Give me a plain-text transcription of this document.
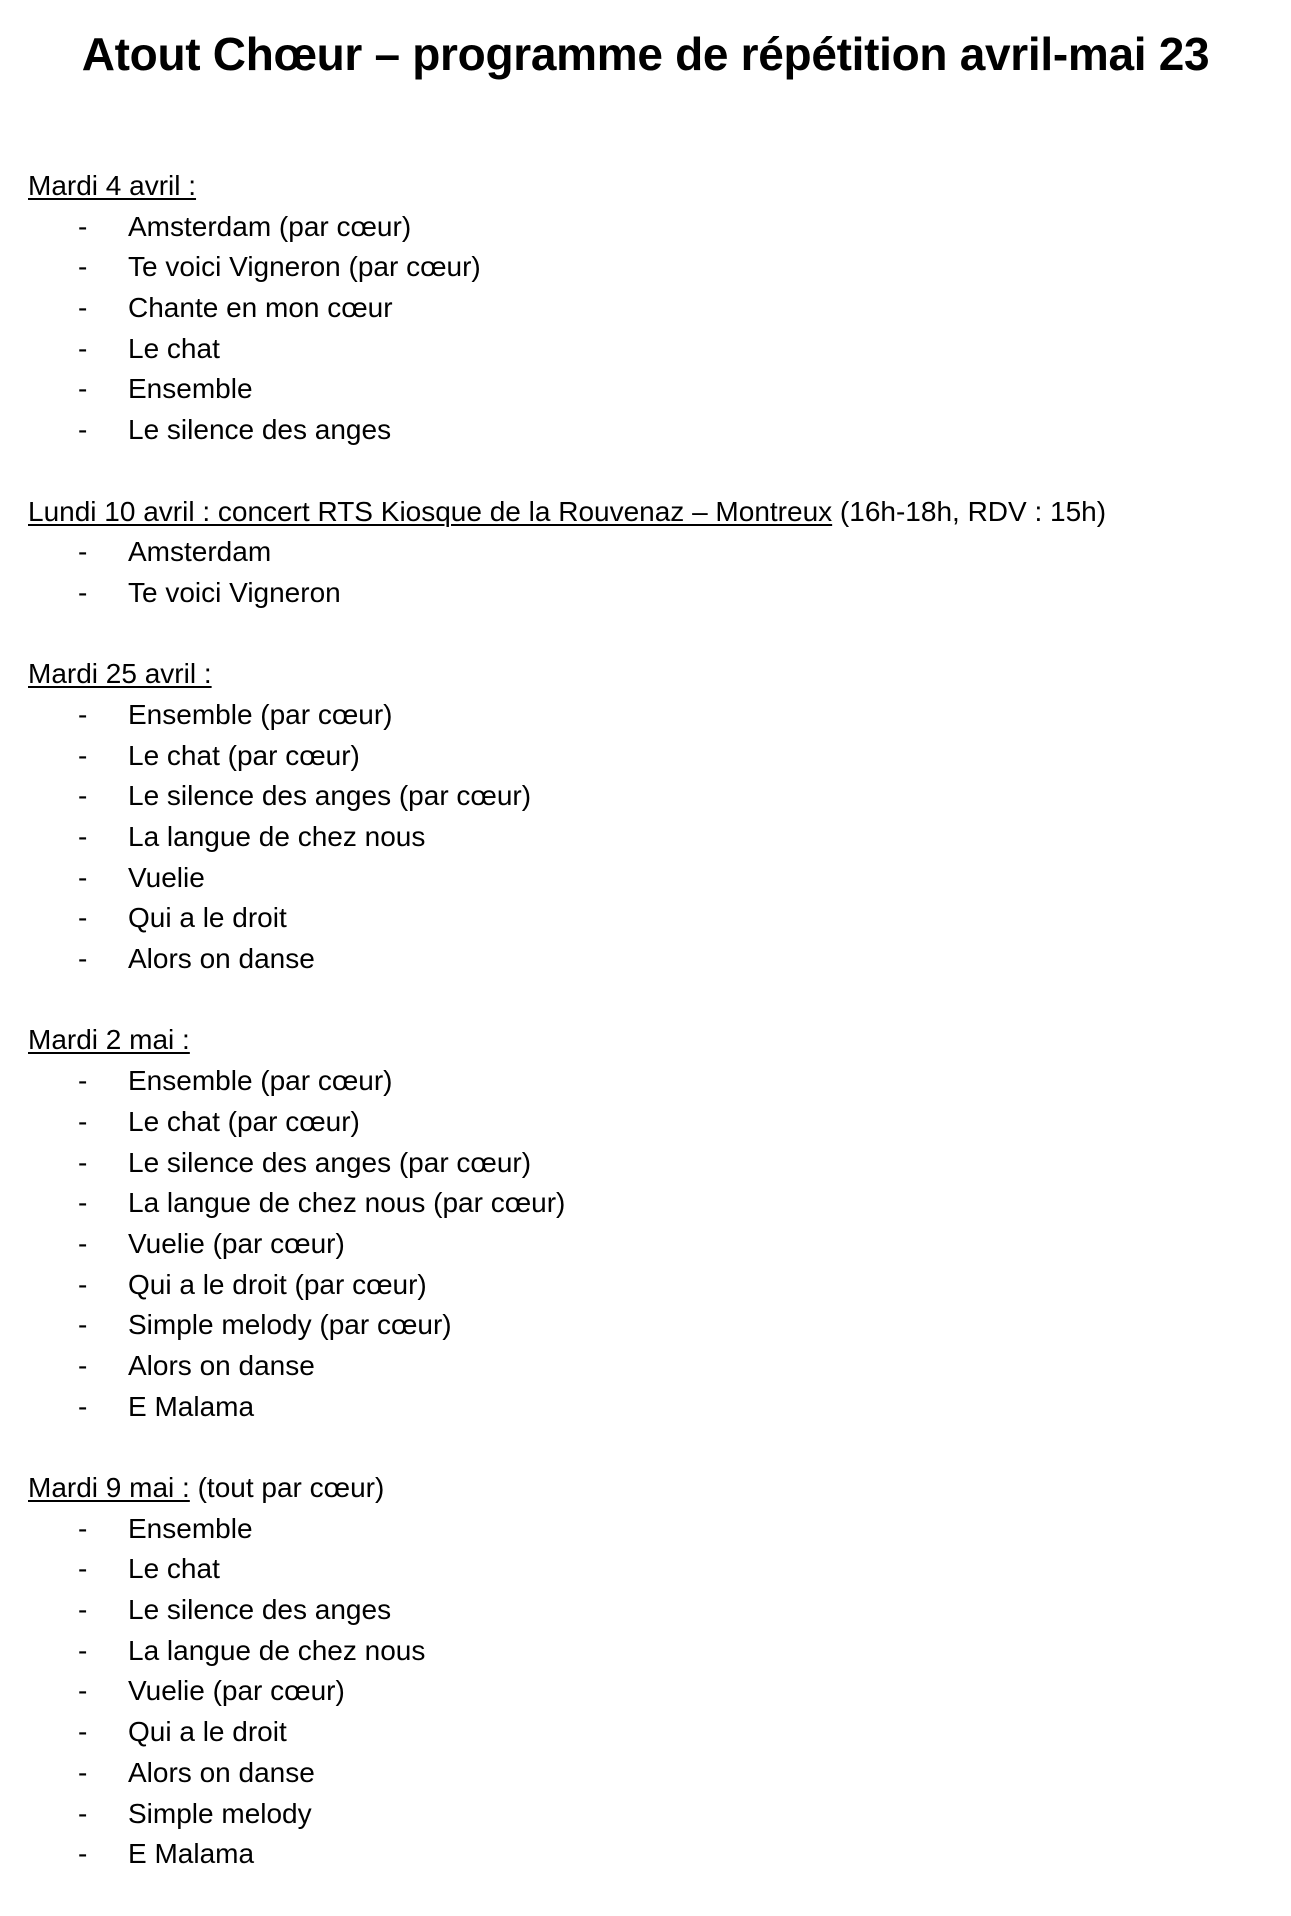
Atout Chœur – programme de répétition avril-mai 23
Mardi 4 avril :
- Amsterdam (par cœur)
- Te voici Vigneron (par cœur)
- Chante en mon cœur
- Le chat
- Ensemble
- Le silence des anges
Lundi 10 avril : concert RTS Kiosque de la Rouvenaz – Montreux (16h-18h, RDV : 15h)
- Amsterdam
- Te voici Vigneron
Mardi 25 avril :
- Ensemble (par cœur)
- Le chat (par cœur)
- Le silence des anges (par cœur)
- La langue de chez nous
- Vuelie
- Qui a le droit
- Alors on danse
Mardi 2 mai :
- Ensemble (par cœur)
- Le chat (par cœur)
- Le silence des anges (par cœur)
- La langue de chez nous (par cœur)
- Vuelie (par cœur)
- Qui a le droit (par cœur)
- Simple melody (par cœur)
- Alors on danse
- E Malama
Mardi 9 mai : (tout par cœur)
- Ensemble
- Le chat
- Le silence des anges
- La langue de chez nous
- Vuelie (par cœur)
- Qui a le droit
- Alors on danse
- Simple melody
- E Malama
